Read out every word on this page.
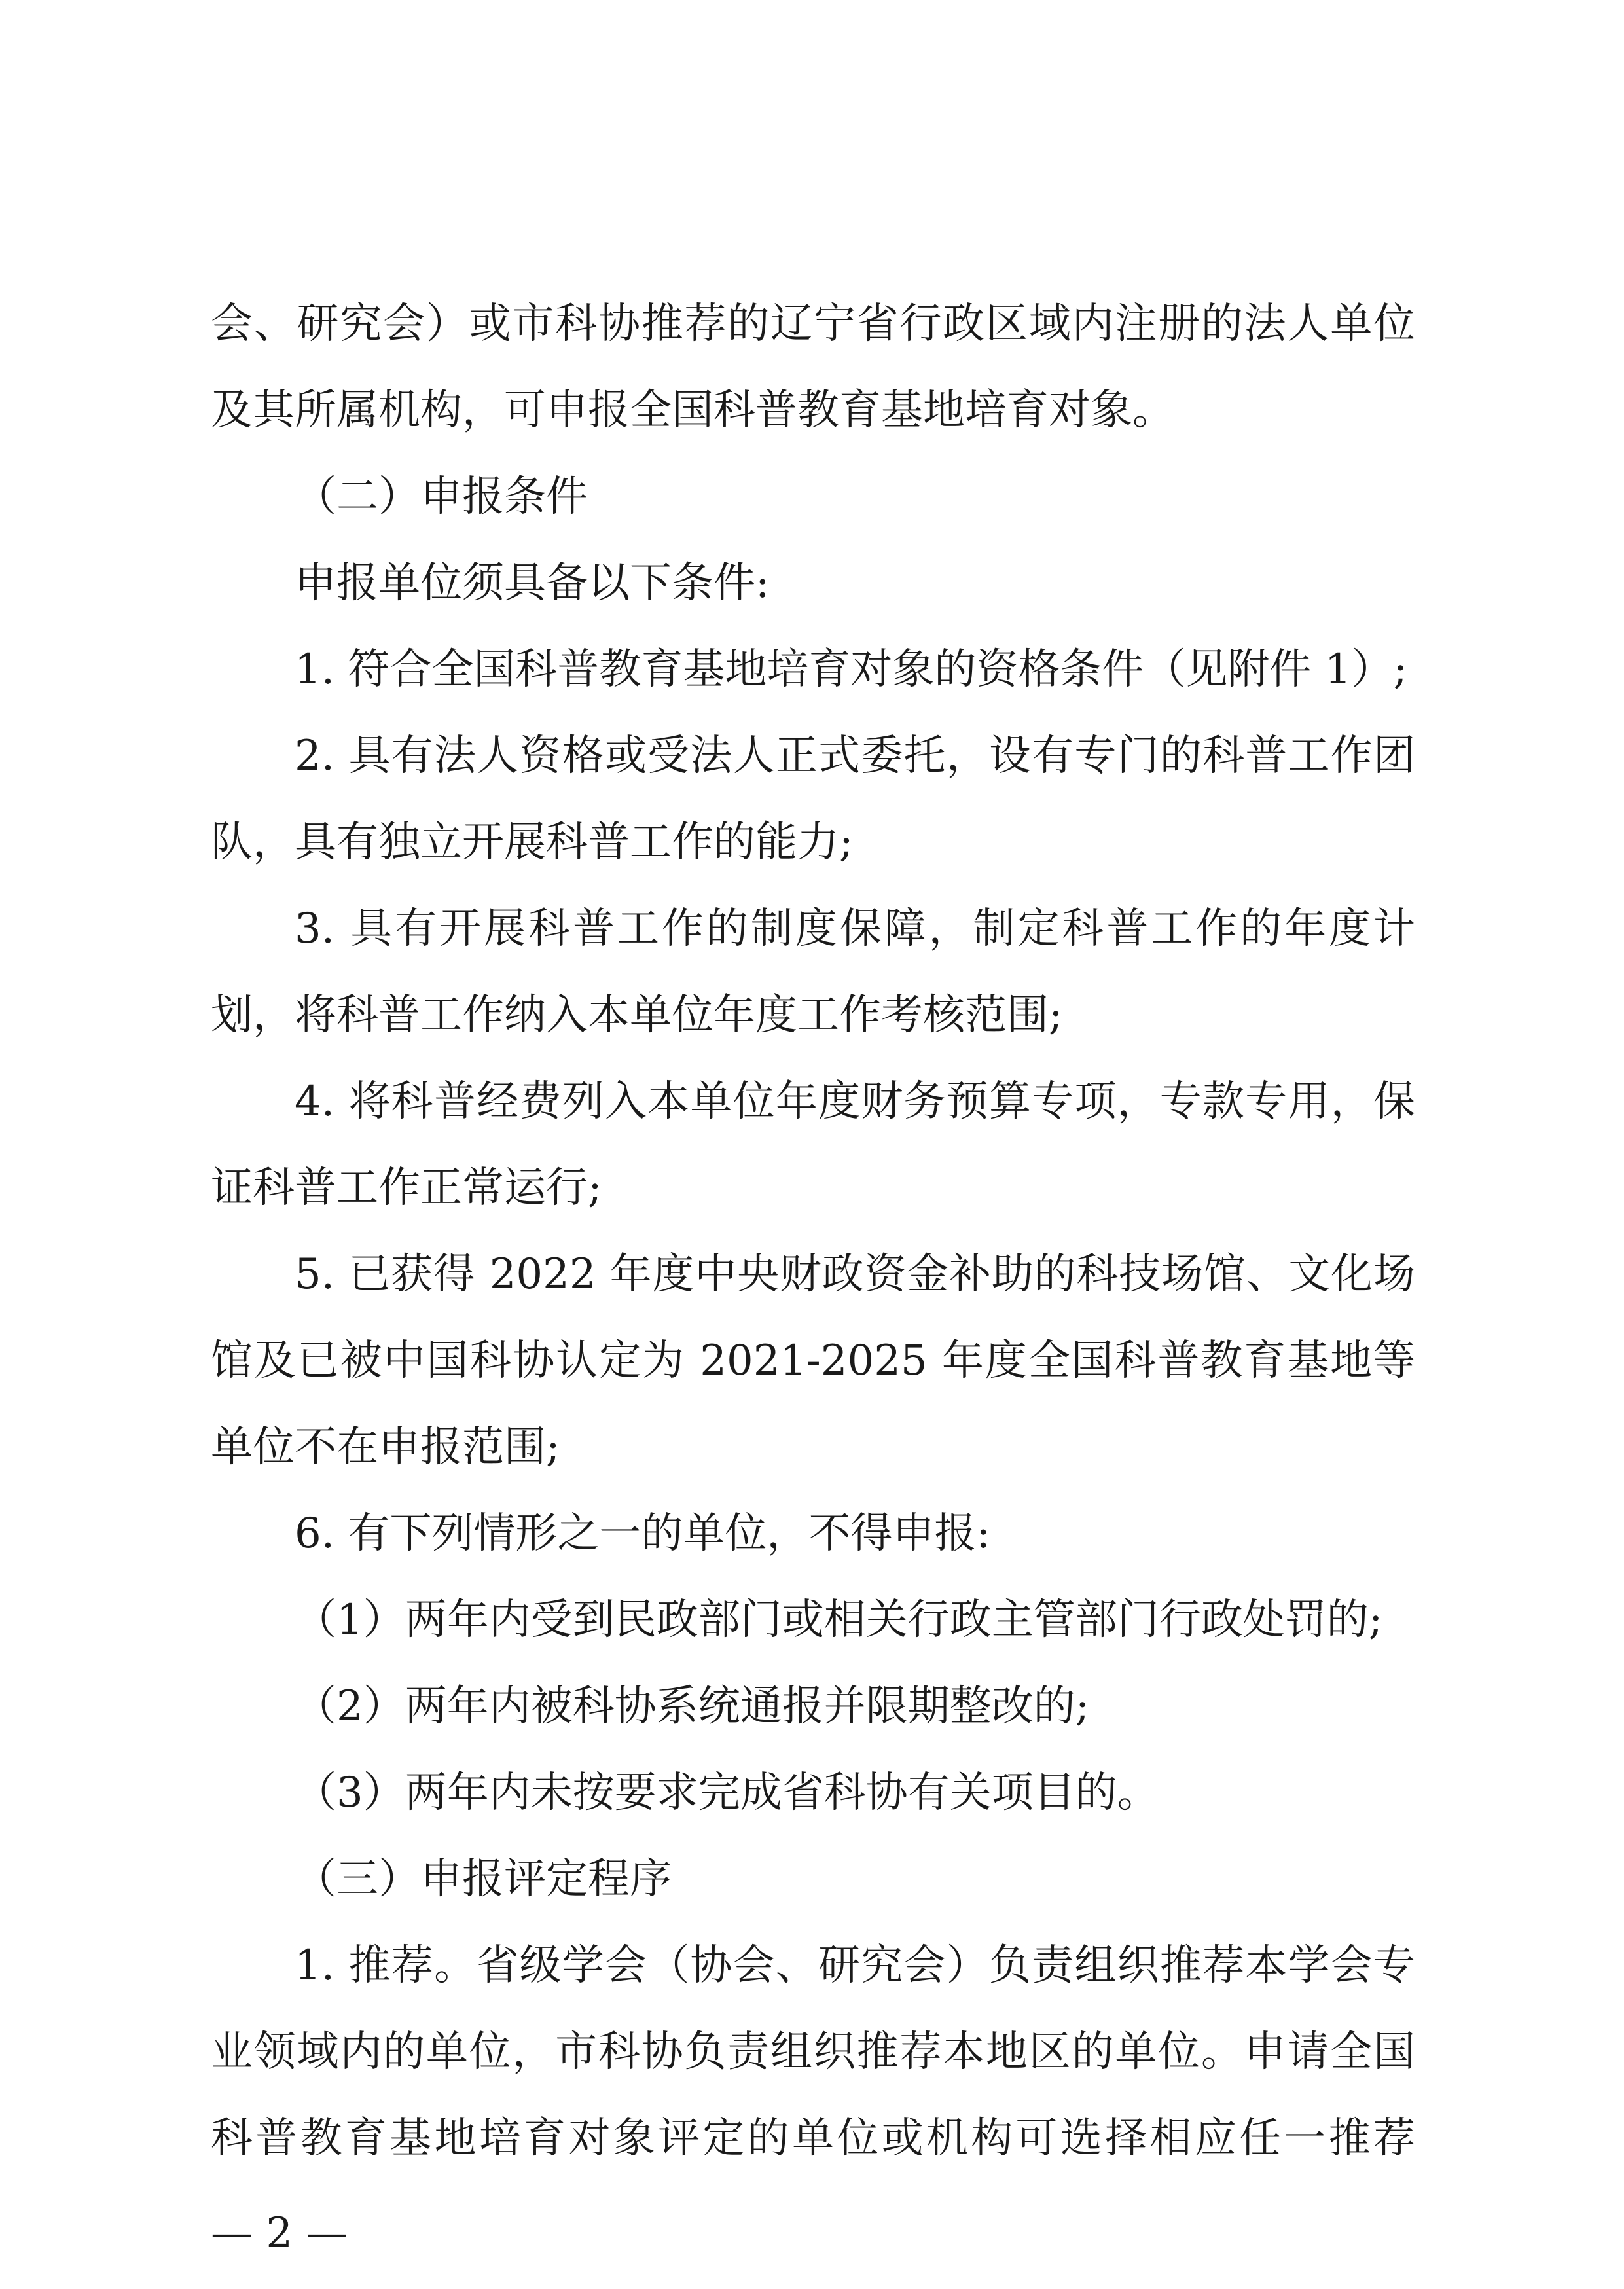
会、研究会）或市科协推荐的辽宁省行政区域内注册的法人单位
及其所属机构，可申报全国科普教育基地培育对象。
（二）申报条件
申报单位须具备以下条件:
1. 符合全国科普教育基地培育对象的资格条件（见附件 1）;
2. 具有法人资格或受法人正式委托，设有专门的科普工作团
队，具有独立开展科普工作的能力;
3. 具有开展科普工作的制度保障，制定科普工作的年度计
划，将科普工作纳入本单位年度工作考核范围;
4. 将科普经费列入本单位年度财务预算专项，专款专用，保
证科普工作正常运行;
5. 已获得 2022 年度中央财政资金补助的科技场馆、文化场
馆及已被中国科协认定为 2021-2025 年度全国科普教育基地等
单位不在申报范围;
6. 有下列情形之一的单位，不得申报:
（1）两年内受到民政部门或相关行政主管部门行政处罚的;
（2）两年内被科协系统通报并限期整改的;
（3）两年内未按要求完成省科协有关项目的。
（三）申报评定程序
1. 推荐。省级学会（协会、研究会）负责组织推荐本学会专
业领域内的单位，市科协负责组织推荐本地区的单位。申请全国
科普教育基地培育对象评定的单位或机构可选择相应任一推荐
— 2 —
